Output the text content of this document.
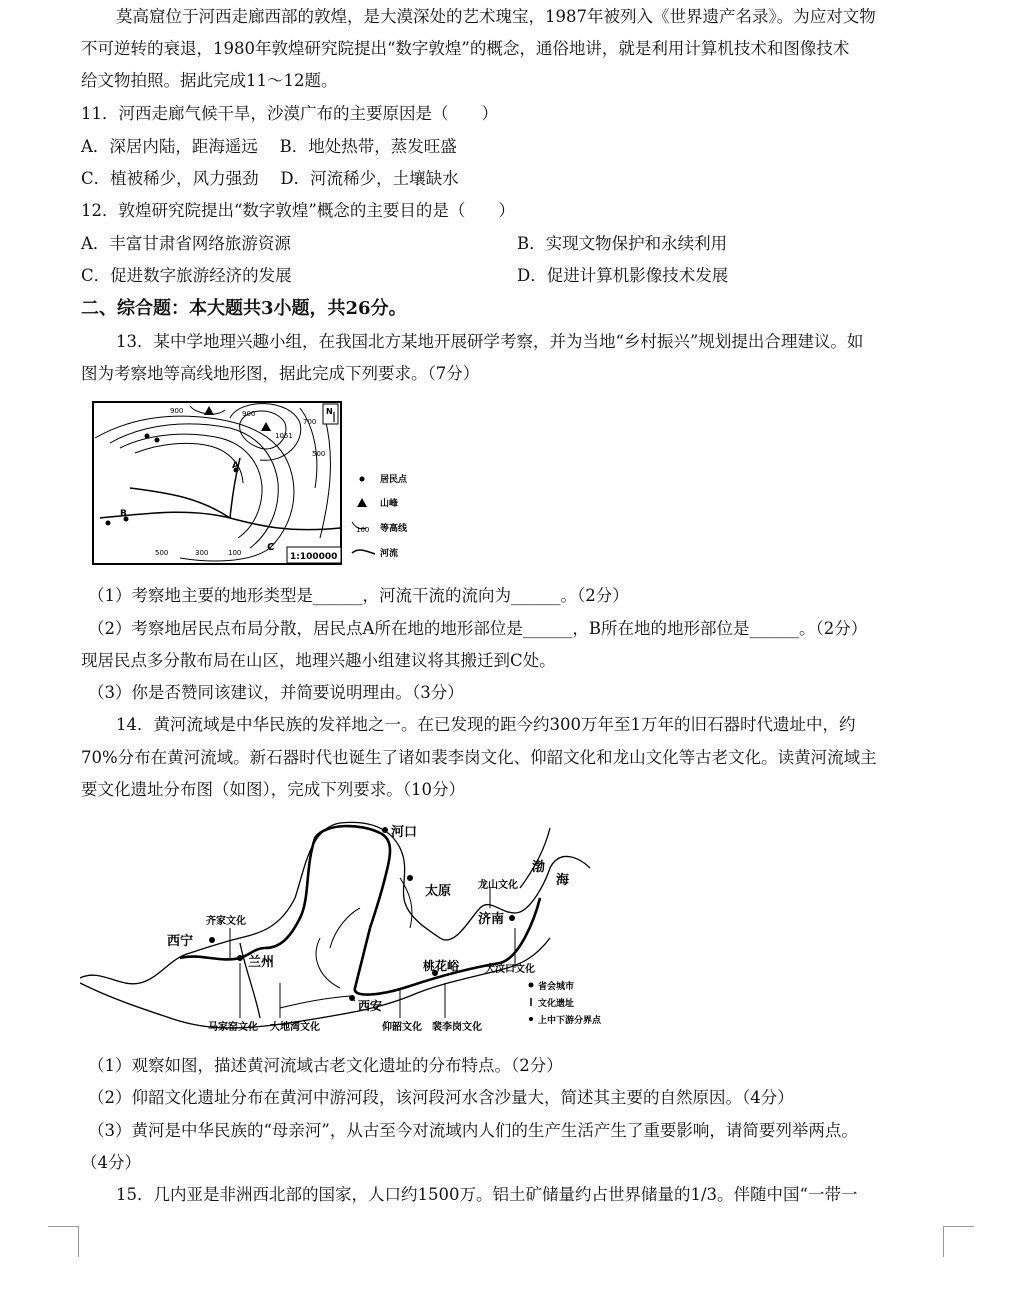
莫高窟位于河西走廊西部的敦煌，是大漠深处的艺术瑰宝，1987年被列入《世界遗产名录》。为应对文物
不可逆转的衰退，1980年敦煌研究院提出“数字敦煌”的概念，通俗地讲，就是利用计算机技术和图像技术
给文物拍照。据此完成11～12题。
11．河西走廊气候干旱，沙漠广布的主要原因是（　　）
A．深居内陆，距海遥远　 B．地处热带，蒸发旺盛
C．植被稀少，风力强劲　 D．河流稀少，土壤缺水
12．敦煌研究院提出“数字敦煌”概念的主要目的是（　　）
A．丰富甘肃省网络旅游资源	B．实现文物保护和永续利用
C．促进数字旅游经济的发展	D．促进计算机影像技术发展
二、综合题：本大题共3小题，共26分。
13．某中学地理兴趣小组，在我国北方某地开展研学考察，并为当地“乡村振兴”规划提出合理建议。如
图为考察地等高线地形图，据此完成下列要求。（7分）
1051
900	900
700
500
500	300	100
A
B
C
N
1:100000
居民点
山峰
100 等高线
河流
（1）考察地主要的地形类型是______，河流干流的流向为______。（2分）
（2）考察地居民点布局分散，居民点A所在地的地形部位是______，B所在地的地形部位是______。（2分）
现居民点多分散布局在山区，地理兴趣小组建议将其搬迁到C处。
（3）你是否赞同该建议，并简要说明理由。（3分）
14．黄河流域是中华民族的发祥地之一。在已发现的距今约300万年至1万年的旧石器时代遗址中，约
70%分布在黄河流域。新石器时代也诞生了诸如裴李岗文化、仰韶文化和龙山文化等古老文化。读黄河流域主
要文化遗址分布图（如图），完成下列要求。（10分）
河口
太原	龙山文化
济南
渤
海
齐家文化
西宁
兰州	桃花峪	大汶口文化
西安
马家窑文化 大地湾文化	仰韶文化 裴李岗文化
省会城市
文化遗址
上中下游分界点
（1）观察如图，描述黄河流域古老文化遗址的分布特点。（2分）
（2）仰韶文化遗址分布在黄河中游河段，该河段河水含沙量大，简述其主要的自然原因。（4分）
（3）黄河是中华民族的“母亲河”，从古至今对流域内人们的生产生活产生了重要影响，请简要列举两点。
（4分）
15．几内亚是非洲西北部的国家，人口约1500万。铝土矿储量约占世界储量的1/3。伴随中国“一带一
